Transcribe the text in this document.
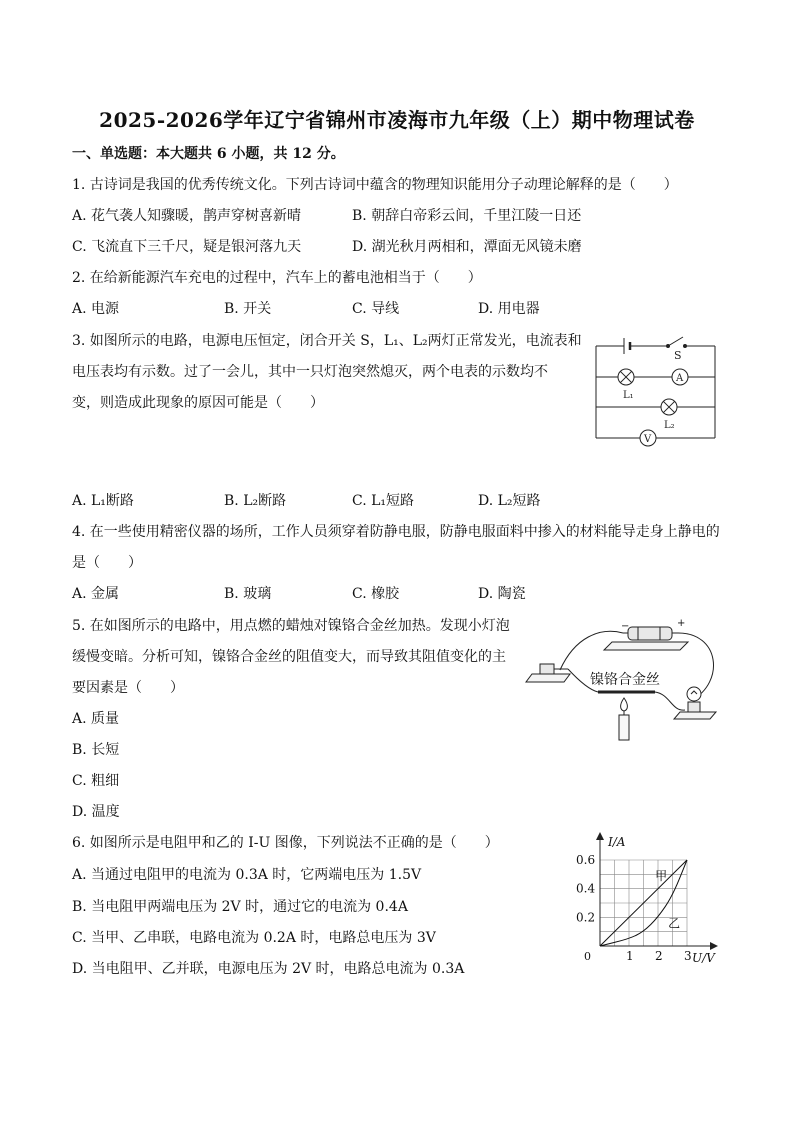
2025-2026学年辽宁省锦州市凌海市九年级（上）期中物理试卷
一、单选题：本大题共 6 小题，共 12 分。
1. 古诗词是我国的优秀传统文化。下列古诗词中蕴含的物理知识能用分子动理论解释的是（　　）
A. 花气袭人知骤暖，鹊声穿树喜新晴	B. 朝辞白帝彩云间，千里江陵一日还
C. 飞流直下三千尺，疑是银河落九天	D. 湖光秋月两相和，潭面无风镜未磨
2. 在给新能源汽车充电的过程中，汽车上的蓄电池相当于（　　）
A. 电源	B. 开关	C. 导线	D. 用电器
3. 如图所示的电路，电源电压恒定，闭合开关 S，L₁、L₂两灯正常发光，电流表和
电压表均有示数。过了一会儿，其中一只灯泡突然熄灭，两个电表的示数均不
变，则造成此现象的原因可能是（　　）
S
A
V
L₁
L₂
A. L₁断路	B. L₂断路	C. L₁短路	D. L₂短路
4. 在一些使用精密仪器的场所，工作人员须穿着防静电服，防静电服面料中掺入的材料能导走身上静电的
是（　　）
A. 金属	B. 玻璃	C. 橡胶	D. 陶瓷
5. 在如图所示的电路中，用点燃的蜡烛对镍铬合金丝加热。发现小灯泡
缓慢变暗。分析可知，镍铬合金丝的阻值变大，而导致其阻值变化的主
要因素是（　　）
A. 质量
B. 长短
C. 粗细
D. 温度
镍铬合金丝
−	+
6. 如图所示是电阻甲和乙的 I-U 图像，下列说法不正确的是（　　）
A. 当通过电阻甲的电流为 0.3A 时，它两端电压为 1.5V
B. 当电阻甲两端电压为 2V 时，通过它的电流为 0.4A
C. 当甲、乙串联，电路电流为 0.2A 时，电路总电压为 3V
D. 当电阻甲、乙并联，电源电压为 2V 时，电路总电流为 0.3A
甲
乙
1 2 3
0.2
0.4
0.6
0	U/V
I/A
